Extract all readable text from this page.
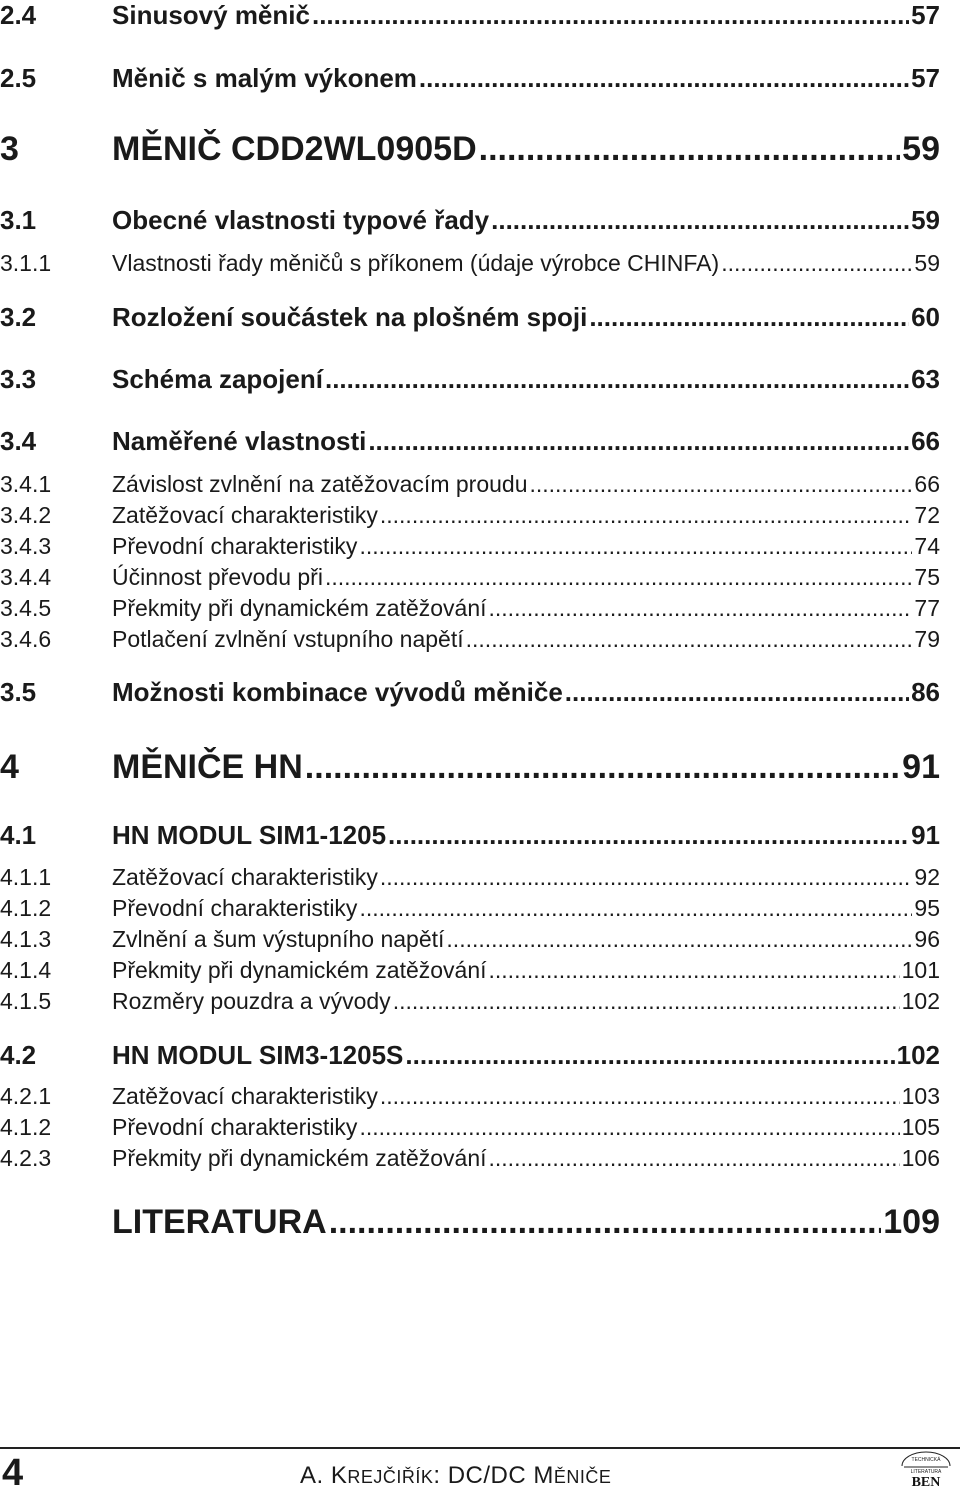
2.4	Sinusový měnič .....	57
2.5	Měnič s malým výkonem .....	57
3	MĚNIČ CDD2WL0905D .....	59
3.1	Obecné vlastnosti typové řady .....	59
3.1.1	Vlastnosti řady měničů s příkonem (údaje výrobce CHINFA) .....	59
3.2	Rozložení součástek na plošném spoji .....	60
3.3	Schéma zapojení .....	63
3.4	Naměřené vlastnosti .....	66
3.4.1	Závislost zvlnění na zatěžovacím proudu .....	66
3.4.2	Zatěžovací charakteristiky .....	72
3.4.3	Převodní charakteristiky .....	74
3.4.4	Účinnost převodu při .....	75
3.4.5	Překmity při dynamickém zatěžování .....	77
3.4.6	Potlačení zvlnění vstupního napětí .....	79
3.5	Možnosti kombinace vývodů měniče .....	86
4	MĚNIČE HN .....	91
4.1	HN MODUL SIM1-1205 .....	91
4.1.1	Zatěžovací charakteristiky .....	92
4.1.2	Převodní charakteristiky .....	95
4.1.3	Zvlnění a šum výstupního napětí .....	96
4.1.4	Překmity při dynamickém zatěžování .....	101
4.1.5	Rozměry pouzdra a vývody .....	102
4.2	HN MODUL SIM3-1205S .....	102
4.2.1	Zatěžovací charakteristiky .....	103
4.1.2	Převodní charakteristiky .....	105
4.2.3	Překmity při dynamickém zatěžování .....	106
LITERATURA .....	109
4	A. KREJČIŘÍK: DC/DC MĚNIČE
TECHNICKÁ
LITERATURA
BEN
